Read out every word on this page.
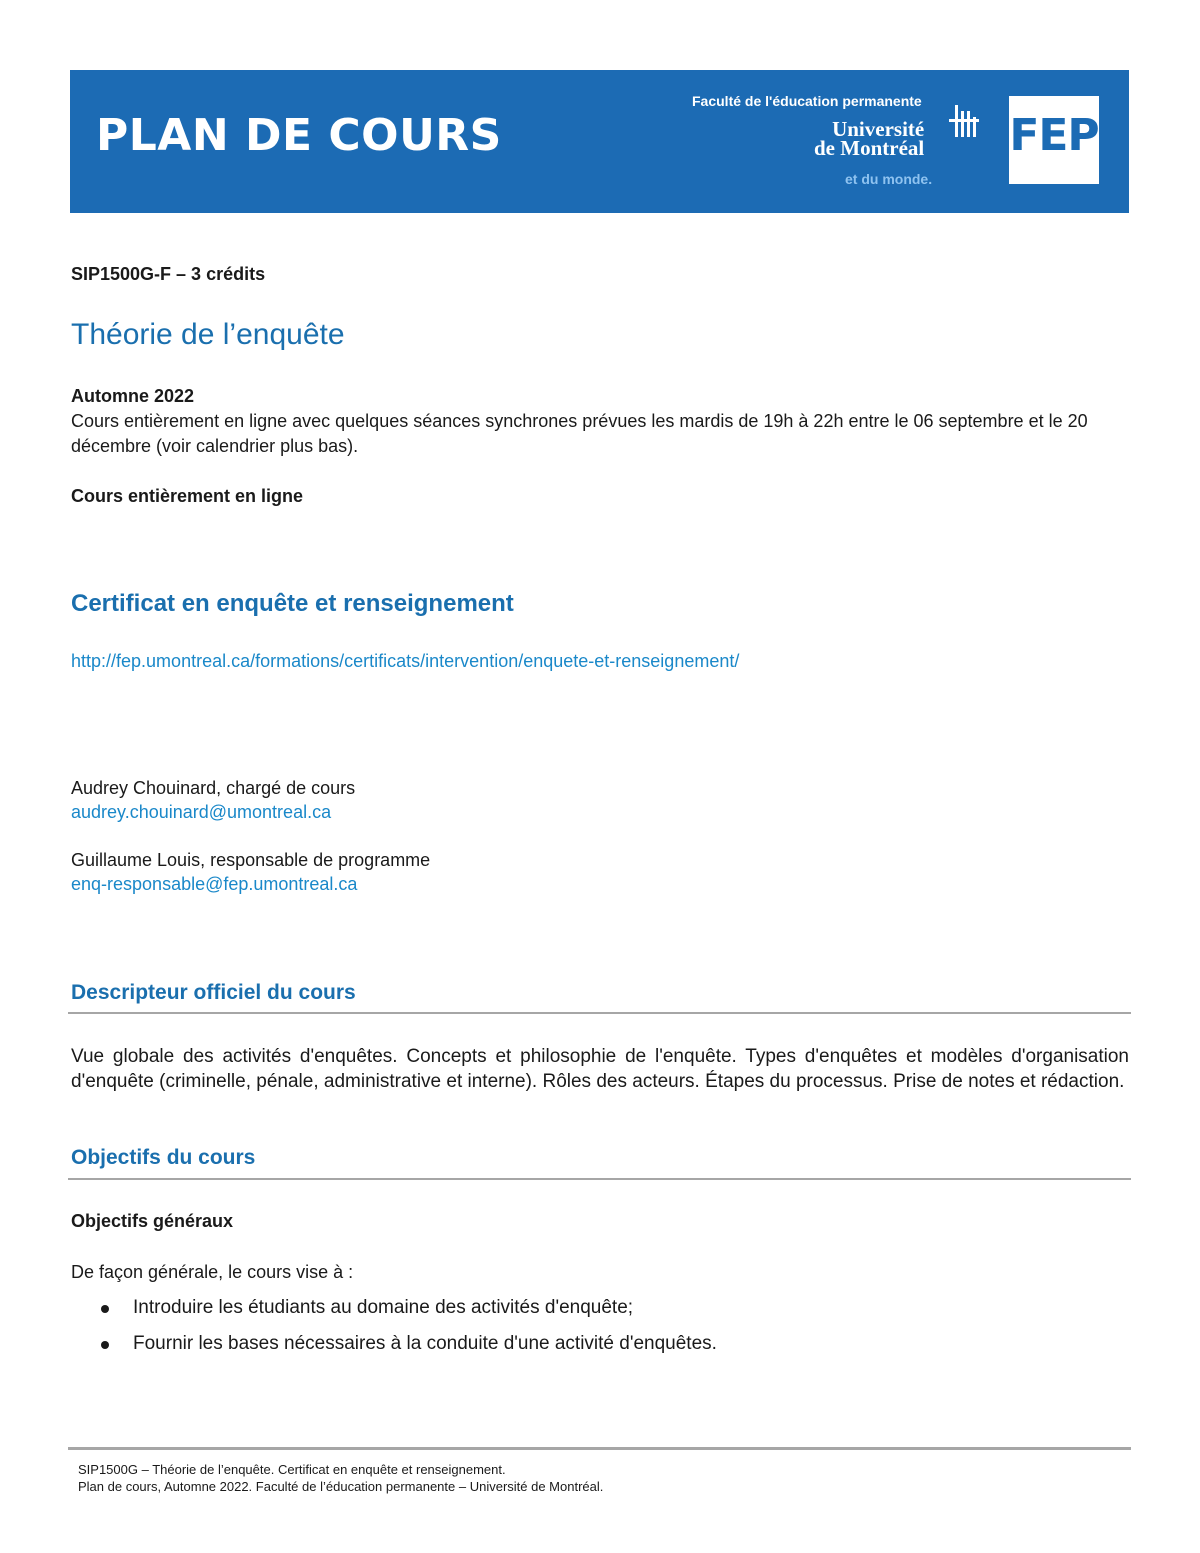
PLAN DE COURS
Faculté de l'éducation permanente
Université
de Montréal
et du monde.
FEP

SIP1500G-F – 3 crédits

Théorie de l’enquête

Automne 2022

Cours entièrement en ligne avec quelques séances synchrones prévues les mardis de 19h à 22h entre le 06 septembre et le 20 décembre (voir calendrier plus bas).

Cours entièrement en ligne

Certificat en enquête et renseignement

http://fep.umontreal.ca/formations/certificats/intervention/enquete-et-renseignement/

Audrey Chouinard, chargé de cours

audrey.chouinard@umontreal.ca

Guillaume Louis, responsable de programme

enq-responsable@fep.umontreal.ca

Descripteur officiel du cours

Vue globale des activités d'enquêtes. Concepts et philosophie de l'enquête. Types d'enquêtes et modèles d'organisation d'enquête (criminelle, pénale, administrative et interne). Rôles des acteurs. Étapes du processus. Prise de notes et rédaction.

Objectifs du cours

Objectifs généraux

De façon générale, le cours vise à :

Introduire les étudiants au domaine des activités d'enquête;
Fournir les bases nécessaires à la conduite d'une activité d'enquêtes.
SIP1500G – Théorie de l’enquête. Certificat en enquête et renseignement.
Plan de cours, Automne 2022. Faculté de l’éducation permanente – Université de Montréal.
